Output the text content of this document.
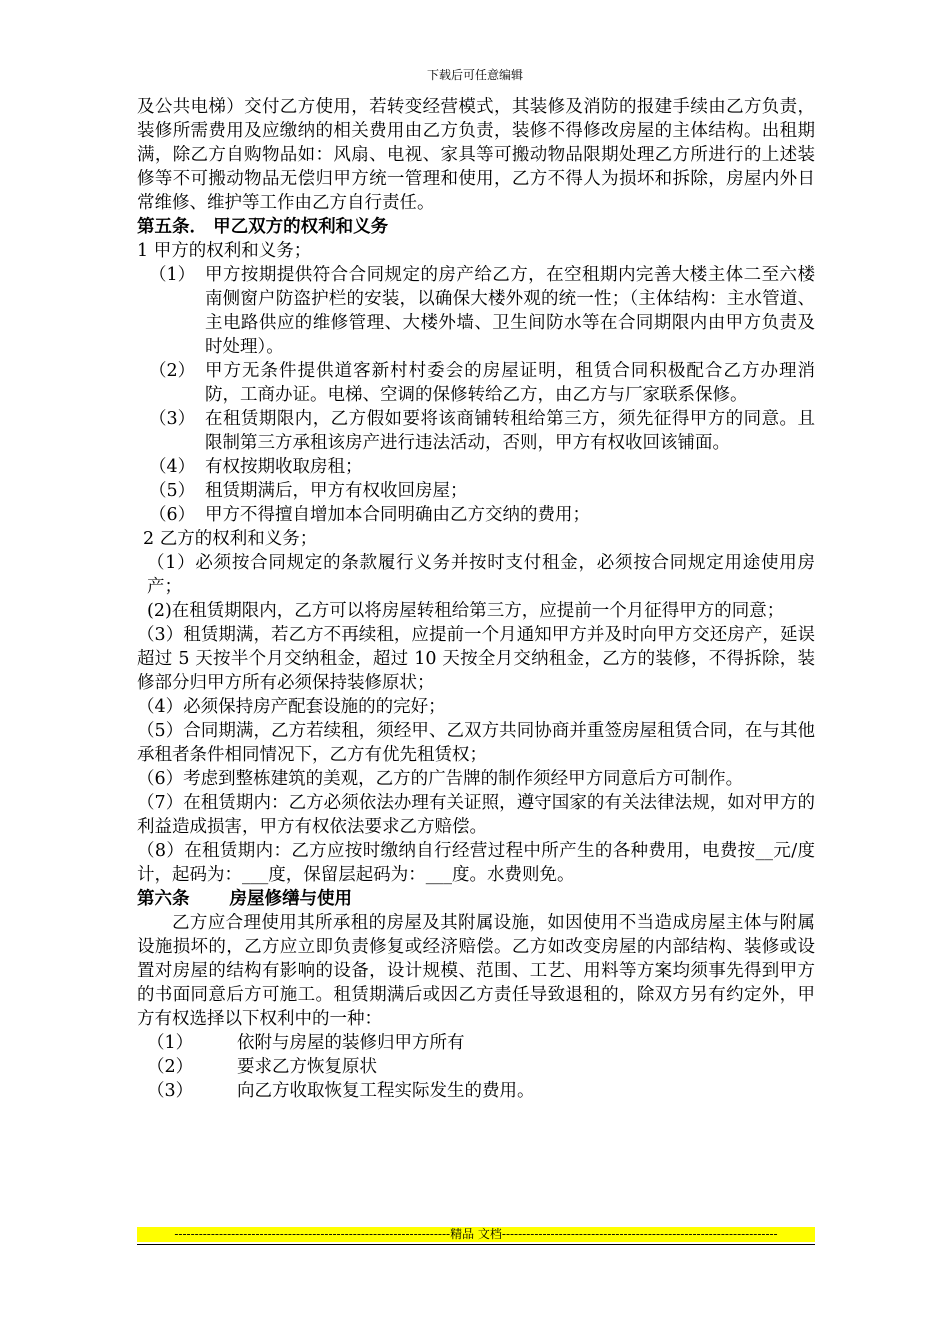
下载后可任意编辑

及公共电梯）交付乙方使用，若转变经营模式，其装修及消防的报建手续由乙方负责，装修所需费用及应缴纳的相关费用由乙方负责，装修不得修改房屋的主体结构。出租期满，除乙方自购物品如：风扇、电视、家具等可搬动物品限期处理乙方所进行的上述装修等不可搬动物品无偿归甲方统一管理和使用，乙方不得人为损坏和拆除，房屋内外日常维修、维护等工作由乙方自行责任。

第五条． 甲乙双方的权利和义务

1 甲方的权利和义务；

（1） 甲方按期提供符合合同规定的房产给乙方，在空租期内完善大楼主体二至六楼南侧窗户防盗护栏的安装，以确保大楼外观的统一性；（主体结构：主水管道、主电路供应的维修管理、大楼外墙、卫生间防水等在合同期限内由甲方负责及时处理）。
（2） 甲方无条件提供道客新村村委会的房屋证明，租赁合同积极配合乙方办理消防，工商办证。电梯、空调的保修转给乙方，由乙方与厂家联系保修。
（3） 在租赁期限内，乙方假如要将该商铺转租给第三方，须先征得甲方的同意。且限制第三方承租该房产进行违法活动，否则，甲方有权收回该铺面。
（4） 有权按期收取房租；
（5） 租赁期满后，甲方有权收回房屋；
（6） 甲方不得擅自增加本合同明确由乙方交纳的费用；

2 乙方的权利和义务；

（1）必须按合同规定的条款履行义务并按时支付租金，必须按合同规定用途使用房产；

(2)在租赁期限内，乙方可以将房屋转租给第三方，应提前一个月征得甲方的同意；

（3）租赁期满，若乙方不再续租，应提前一个月通知甲方并及时向甲方交还房产，延误超过 5 天按半个月交纳租金，超过 10 天按全月交纳租金，乙方的装修，不得拆除，装修部分归甲方所有必须保持装修原状；

（4）必须保持房产配套设施的的完好；

（5）合同期满，乙方若续租，须经甲、乙双方共同协商并重签房屋租赁合同，在与其他承租者条件相同情况下，乙方有优先租赁权；

（6）考虑到整栋建筑的美观，乙方的广告牌的制作须经甲方同意后方可制作。

（7）在租赁期内：乙方必须依法办理有关证照，遵守国家的有关法律法规，如对甲方的利益造成损害，甲方有权依法要求乙方赔偿。

（8）在租赁期内：乙方应按时缴纳自行经营过程中所产生的各种费用，电费按__元/度计，起码为：___度，保留层起码为：___度。水费则免。

第六条 房屋修缮与使用

乙方应合理使用其所承租的房屋及其附属设施，如因使用不当造成房屋主体与附属设施损坏的，乙方应立即负责修复或经济赔偿。乙方如改变房屋的内部结构、装修或设置对房屋的结构有影响的设备，设计规模、范围、工艺、用料等方案均须事先得到甲方的书面同意后方可施工。租赁期满后或因乙方责任导致退租的，除双方另有约定外，甲方有权选择以下权利中的一种：

（1）	依附与房屋的装修归甲方所有
（2）	要求乙方恢复原状
（3）	向乙方收取恢复工程实际发生的费用。
--------------------------------------------------------------------精品 文档--------------------------------------------------------------------
